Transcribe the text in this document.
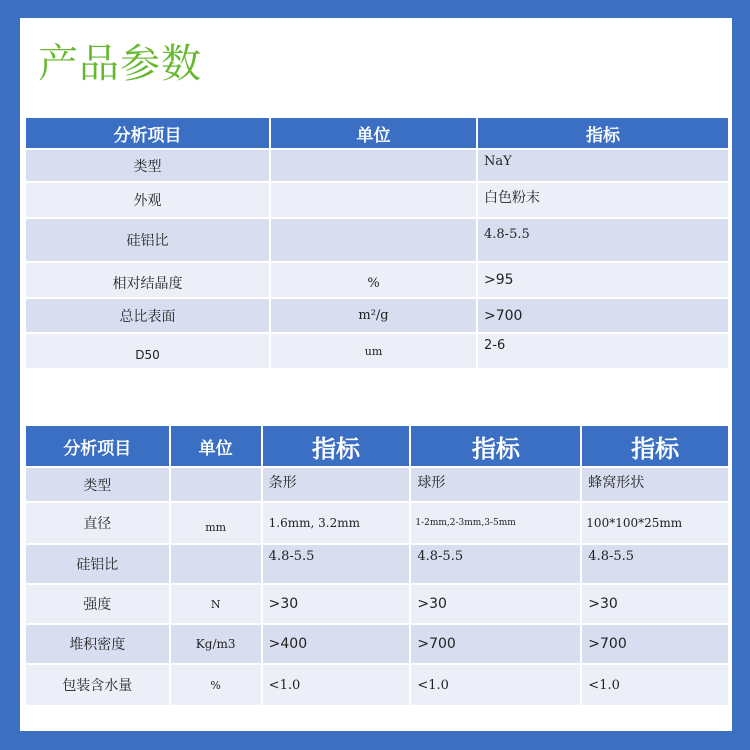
产品参数
分析项目	单位	指标
类型		NaY
外观		白色粉末
硅铝比		4.8-5.5
相对结晶度	%	>95
总比表面	m²/g	>700
D50	um	2-6
分析项目	单位	指标	指标	指标
类型		条形	球形	蜂窝形状
直径	mm	1.6mm, 3.2mm	1-2mm,2-3mm,3-5mm	100*100*25mm
硅铝比		4.8-5.5	4.8-5.5	4.8-5.5
强度	N	>30	>30	>30
堆积密度	Kg/m3	>400	>700	>700
包装含水量	%	<1.0	<1.0	<1.0
